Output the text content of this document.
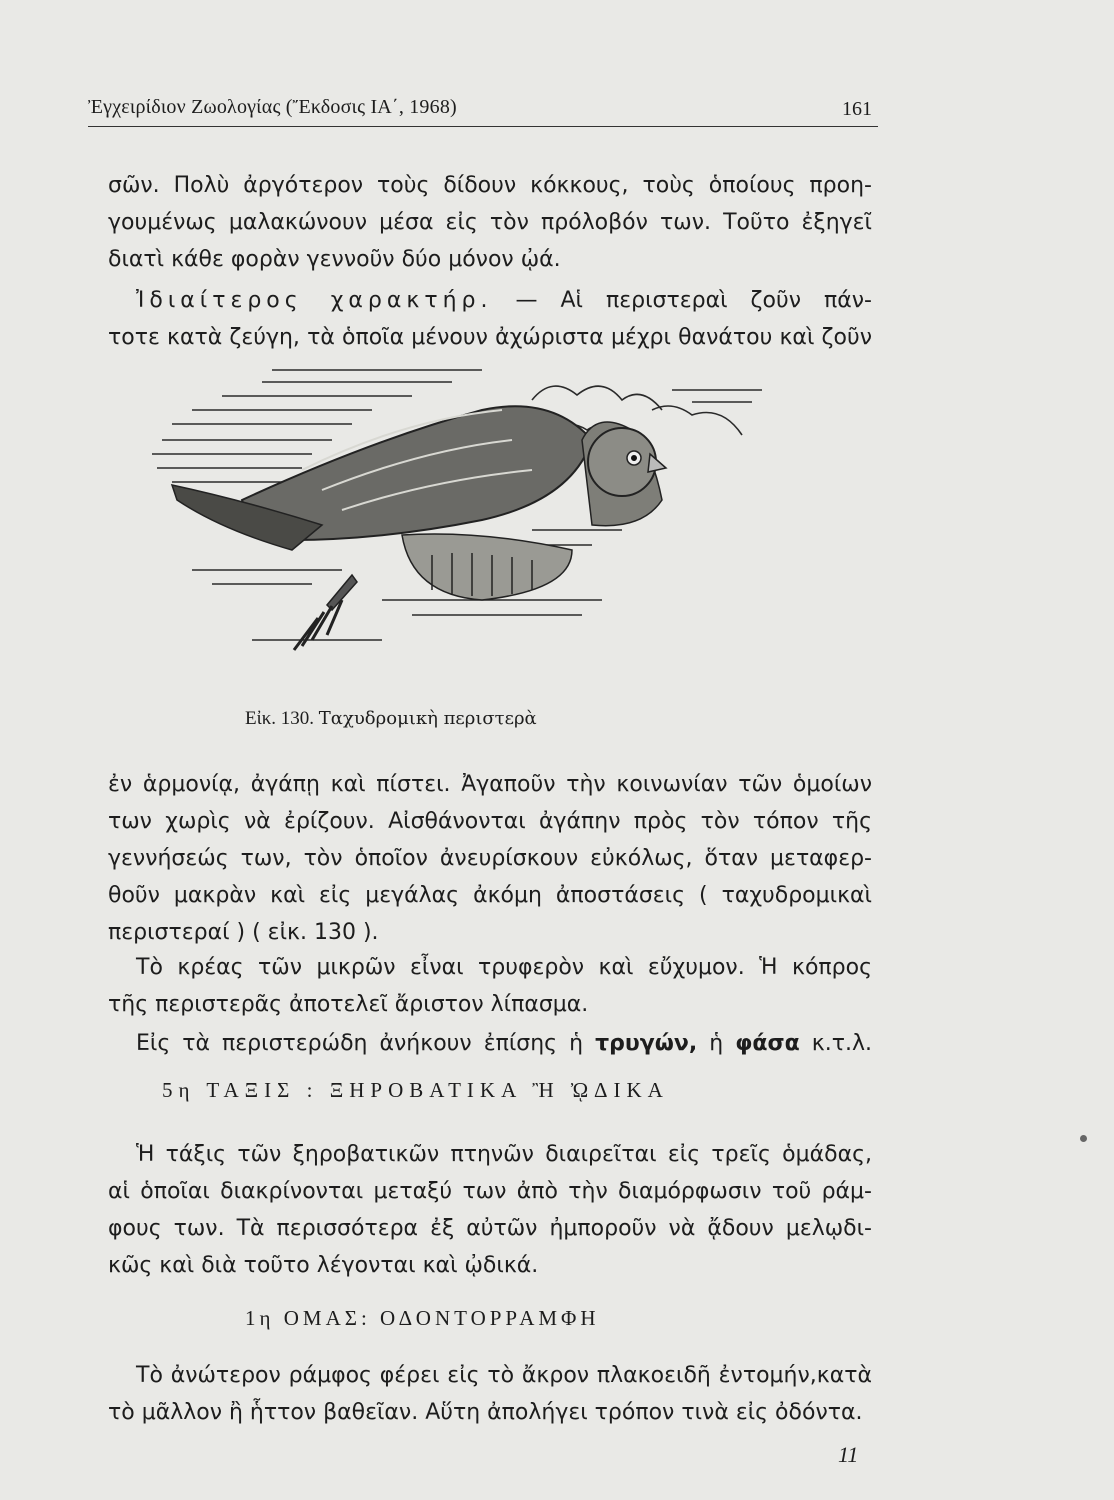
Ἐγχειρίδιον Ζωολογίας (Ἔκδοσις ΙΑ΄, 1968)	161
σῶν. Πολὺ ἀργότερον τοὺς δίδουν κόκκους, τοὺς ὁποίους προη-
γουμένως μαλακώνουν μέσα εἰς τὸν πρόλοβόν των. Τοῦτο ἐξηγεῖ
διατὶ κάθε φορὰν γεννοῦν δύο μόνον ᾠά.
Ἰδιαίτερος χαρακτήρ. — Αἱ περιστεραὶ ζοῦν πάν-
τοτε κατὰ ζεύγη, τὰ ὁποῖα μένουν ἀχώριστα μέχρι θανάτου καὶ ζοῦν
Εἰκ. 130. Ταχυδρομικὴ περιστερὰ
ἐν ἁρμονίᾳ, ἀγάπῃ καὶ πίστει. Ἀγαποῦν τὴν κοινωνίαν τῶν ὁμοίων
των χωρὶς νὰ ἐρίζουν. Αἰσθάνονται ἀγάπην πρὸς τὸν τόπον τῆς
γεννήσεώς των, τὸν ὁποῖον ἀνευρίσκουν εὐκόλως, ὅταν μεταφερ-
θοῦν μακρὰν καὶ εἰς μεγάλας ἀκόμη ἀποστάσεις ( ταχυδρομικαὶ
περιστεραί ) ( εἰκ. 130 ).
Τὸ κρέας τῶν μικρῶν εἶναι τρυφερὸν καὶ εὔχυμον. Ἡ κόπρος
τῆς περιστερᾶς ἀποτελεῖ ἄριστον λίπασμα.
Εἰς τὰ περιστερώδη ἀνήκουν ἐπίσης ἡ τρυγών, ἡ φάσα κ.τ.λ.
5η ΤΑΞΙΣ : ΞΗΡΟΒΑΤΙΚΑ Ἢ ᾨΔΙΚΑ
Ἡ τάξις τῶν ξηροβατικῶν πτηνῶν διαιρεῖται εἰς τρεῖς ὁμάδας,
αἱ ὁποῖαι διακρίνονται μεταξύ των ἀπὸ τὴν διαμόρφωσιν τοῦ ράμ-
φους των. Τὰ περισσότερα ἐξ αὐτῶν ἠμποροῦν νὰ ᾄδουν μελῳδι-
κῶς καὶ διὰ τοῦτο λέγονται καὶ ᾠδικά.
1η ΟΜΑΣ: ΟΔΟΝΤΟΡΡΑΜΦΗ
Τὸ ἀνώτερον ράμφος φέρει εἰς τὸ ἄκρον πλακοειδῆ ἐντομήν,κατὰ
τὸ μᾶλλον ἢ ἧττον βαθεῖαν. Αὕτη ἀπολήγει τρόπον τινὰ εἰς ὀδόντα.
11
